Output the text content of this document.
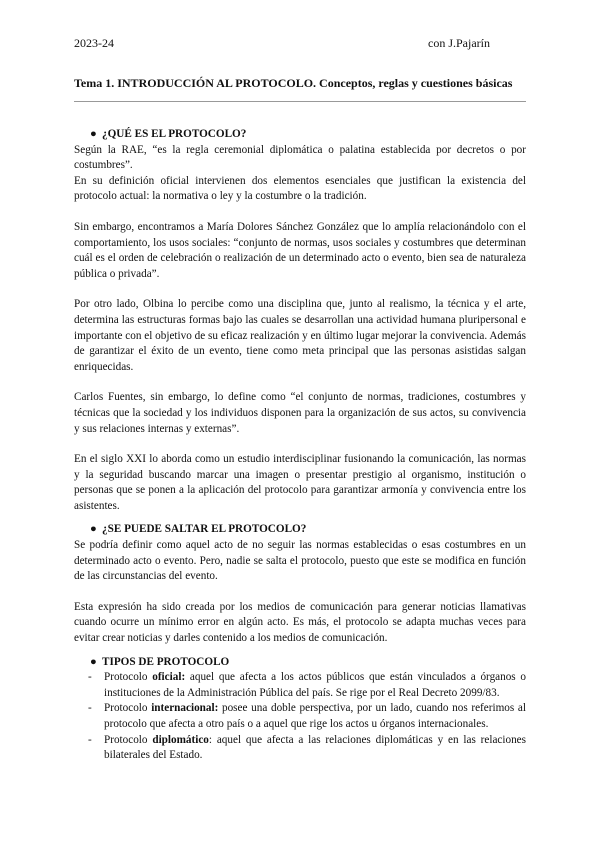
2023-24	con J.Pajarín
Tema 1. INTRODUCCIÓN AL PROTOCOLO. Conceptos, reglas y cuestiones básicas
● ¿QUÉ ES EL PROTOCOLO?

Según la RAE, “es la regla ceremonial diplomática o palatina establecida por decretos o por costumbres”.

En su definición oficial intervienen dos elementos esenciales que justifican la existencia del protocolo actual: la normativa o ley y la costumbre o la tradición.

Sin embargo, encontramos a María Dolores Sánchez González que lo amplía relacionándolo con el comportamiento, los usos sociales: “conjunto de normas, usos sociales y costumbres que determinan cuál es el orden de celebración o realización de un determinado acto o evento, bien sea de naturaleza pública o privada”.

Por otro lado, Olbina lo percibe como una disciplina que, junto al realismo, la técnica y el arte, determina las estructuras formas bajo las cuales se desarrollan una actividad humana pluripersonal e importante con el objetivo de su eficaz realización y en último lugar mejorar la convivencia. Además de garantizar el éxito de un evento, tiene como meta principal que las personas asistidas salgan enriquecidas.

Carlos Fuentes, sin embargo, lo define como “el conjunto de normas, tradiciones, costumbres y técnicas que la sociedad y los individuos disponen para la organización de sus actos, su convivencia y sus relaciones internas y externas”.

En el siglo XXI lo aborda como un estudio interdisciplinar fusionando la comunicación, las normas y la seguridad buscando marcar una imagen o presentar prestigio al organismo, institución o personas que se ponen a la aplicación del protocolo para garantizar armonía y convivencia entre los asistentes.

● ¿SE PUEDE SALTAR EL PROTOCOLO?

Se podría definir como aquel acto de no seguir las normas establecidas o esas costumbres en un determinado acto o evento. Pero, nadie se salta el protocolo, puesto que este se modifica en función de las circunstancias del evento.

Esta expresión ha sido creada por los medios de comunicación para generar noticias llamativas cuando ocurre un mínimo error en algún acto. Es más, el protocolo se adapta muchas veces para evitar crear noticias y darles contenido a los medios de comunicación.

● TIPOS DE PROTOCOLO
- Protocolo oficial: aquel que afecta a los actos públicos que están vinculados a órganos o instituciones de la Administración Pública del país. Se rige por el Real Decreto 2099/83.
- Protocolo internacional: posee una doble perspectiva, por un lado, cuando nos referimos al protocolo que afecta a otro país o a aquel que rige los actos u órganos internacionales.
- Protocolo diplomático: aquel que afecta a las relaciones diplomáticas y en las relaciones bilaterales del Estado.
